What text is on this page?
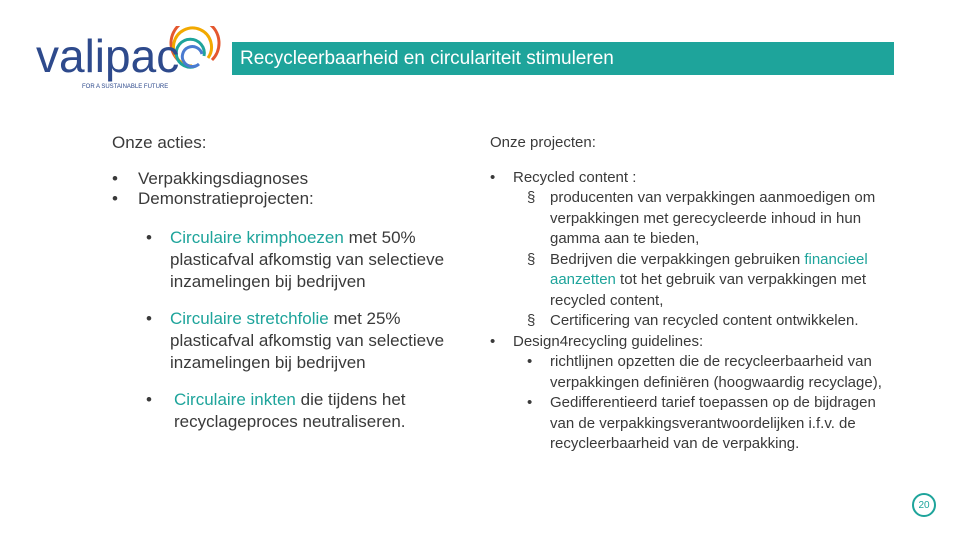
valipac
FOR A SUSTAINABLE FUTURE
Recycleerbaarheid en circulariteit stimuleren
Onze acties:
•	Verpakkingsdiagnoses
•	Demonstratieprojecten:
•	Circulaire krimphoezen met 50% plasticafval afkomstig van selectieve inzamelingen bij bedrijven
•	Circulaire stretchfolie met 25% plasticafval afkomstig van selectieve inzamelingen bij bedrijven
•	Circulaire inkten die tijdens het recyclageproces neutraliseren.
Onze projecten:
•	Recycled content :
§ producenten van verpakkingen aanmoedigen om verpakkingen met gerecycleerde inhoud in hun gamma aan te bieden,
§ Bedrijven die verpakkingen gebruiken financieel aanzetten tot het gebruik van verpakkingen met recycled content,
§ Certificering van recycled content ontwikkelen.
•	Design4recycling guidelines:
•	richtlijnen opzetten die de recycleerbaarheid van verpakkingen definiëren (hoogwaardig recyclage),
•	Gedifferentieerd tarief toepassen op de bijdragen van de verpakkingsverantwoordelijken i.f.v. de recycleerbaarheid van de verpakking.
20
